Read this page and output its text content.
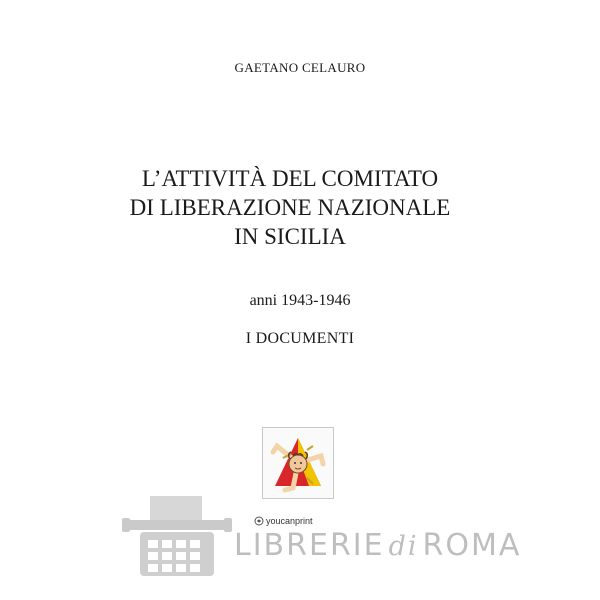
GAETANO CELAURO
L’ATTIVITÀ DEL COMITATO
DI LIBERAZIONE NAZIONALE
IN SICILIA
anni 1943-1946
I DOCUMENTI
LIBRERIE di ROMA
youcanprint
